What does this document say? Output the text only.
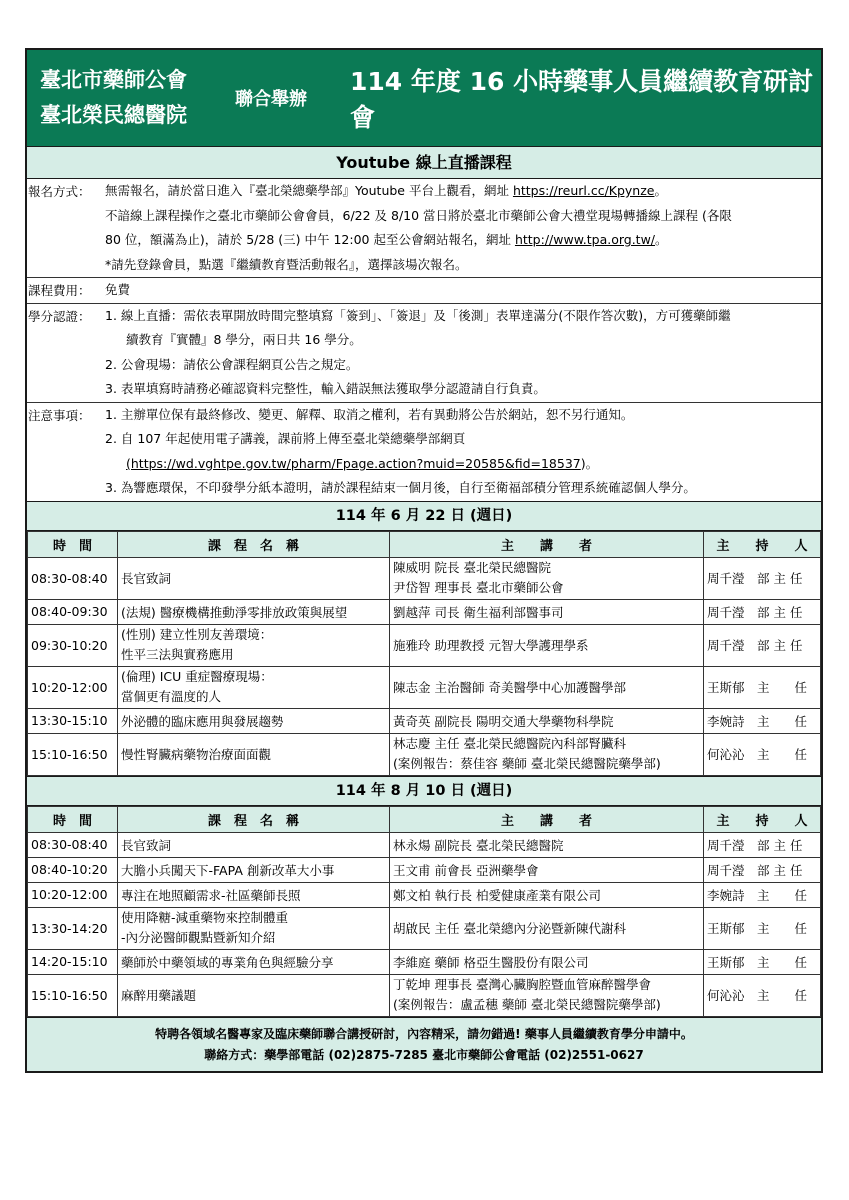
臺北市藥師公會
臺北榮民總醫院
聯合舉辦
114 年度 16 小時藥事人員繼續教育研討會
Youtube 線上直播課程
報名方式：	無需報名，請於當日進入『臺北榮總藥學部』Youtube 平台上觀看，網址 https://reurl.cc/Kpynze。
不諳線上課程操作之臺北市藥師公會會員，6/22 及 8/10 當日將於臺北市藥師公會大禮堂現場轉播線上課程 (各限
80 位，額滿為止)，請於 5/28 (三) 中午 12:00 起至公會網站報名，網址 http://www.tpa.org.tw/。
*請先登錄會員，點選『繼續教育暨活動報名』，選擇該場次報名。
課程費用：	免費
學分認證：	1. 線上直播：需依表單開放時間完整填寫「簽到」、「簽退」及「後測」表單達滿分(不限作答次數)，方可獲藥師繼
續教育『實體』8 學分，兩日共 16 學分。
2. 公會現場：請依公會課程網頁公告之規定。
3. 表單填寫時請務必確認資料完整性，輸入錯誤無法獲取學分認證請自行負責。
注意事項：	1. 主辦單位保有最終修改、變更、解釋、取消之權利，若有異動將公告於網站，恕不另行通知。
2. 自 107 年起使用電子講義，課前將上傳至臺北榮總藥學部網頁
(https://wd.vghtpe.gov.tw/pharm/Fpage.action?muid=20585&fid=18537)。
3. 為響應環保，不印發學分紙本證明，請於課程結束一個月後，自行至衛福部積分管理系統確認個人學分。
114 年 6 月 22 日 (週日)
時　間	課　程　名　稱	主　　講　　者	主　　持　　人
08:30-08:40	長官致詞	陳威明 院長 臺北榮民總醫院
尹岱智 理事長 臺北市藥師公會	周千瀅　部 主 任
08:40-09:30	(法規) 醫療機構推動淨零排放政策與展望	劉越萍 司長 衛生福利部醫事司	周千瀅　部 主 任
09:30-10:20	(性別) 建立性別友善環境：
性平三法與實務應用	施雅玲 助理教授 元智大學護理學系	周千瀅　部 主 任
10:20-12:00	(倫理) ICU 重症醫療現場：
當個更有溫度的人	陳志金 主治醫師 奇美醫學中心加護醫學部	王斯郁　主　　任
13:30-15:10	外泌體的臨床應用與發展趨勢	黃奇英 副院長 陽明交通大學藥物科學院	李婉詩　主　　任
15:10-16:50	慢性腎臟病藥物治療面面觀	林志慶 主任 臺北榮民總醫院內科部腎臟科
(案例報告：蔡佳容 藥師 臺北榮民總醫院藥學部)	何沁沁　主　　任
114 年 8 月 10 日 (週日)
時　間	課　程　名　稱	主　　講　　者	主　　持　　人
08:30-08:40	長官致詞	林永煬 副院長 臺北榮民總醫院	周千瀅　部 主 任
08:40-10:20	大膽小兵闖天下-FAPA 創新改革大小事	王文甫 前會長 亞洲藥學會	周千瀅　部 主 任
10:20-12:00	專注在地照顧需求-社區藥師長照	鄭文柏 執行長 柏愛健康產業有限公司	李婉詩　主　　任
13:30-14:20	使用降糖-減重藥物來控制體重
-內分泌醫師觀點暨新知介紹	胡啟民 主任 臺北榮總內分泌暨新陳代謝科	王斯郁　主　　任
14:20-15:10	藥師於中藥領域的專業角色與經驗分享	李維庭 藥師 格亞生醫股份有限公司	王斯郁　主　　任
15:10-16:50	麻醉用藥議題	丁乾坤 理事長 臺灣心臟胸腔暨血管麻醉醫學會
(案例報告：盧孟穗 藥師 臺北榮民總醫院藥學部)	何沁沁　主　　任
特聘各領域名醫專家及臨床藥師聯合講授研討，內容精采，請勿錯過! 藥事人員繼續教育學分申請中。
聯絡方式：藥學部電話 (02)2875-7285 臺北市藥師公會電話 (02)2551-0627
